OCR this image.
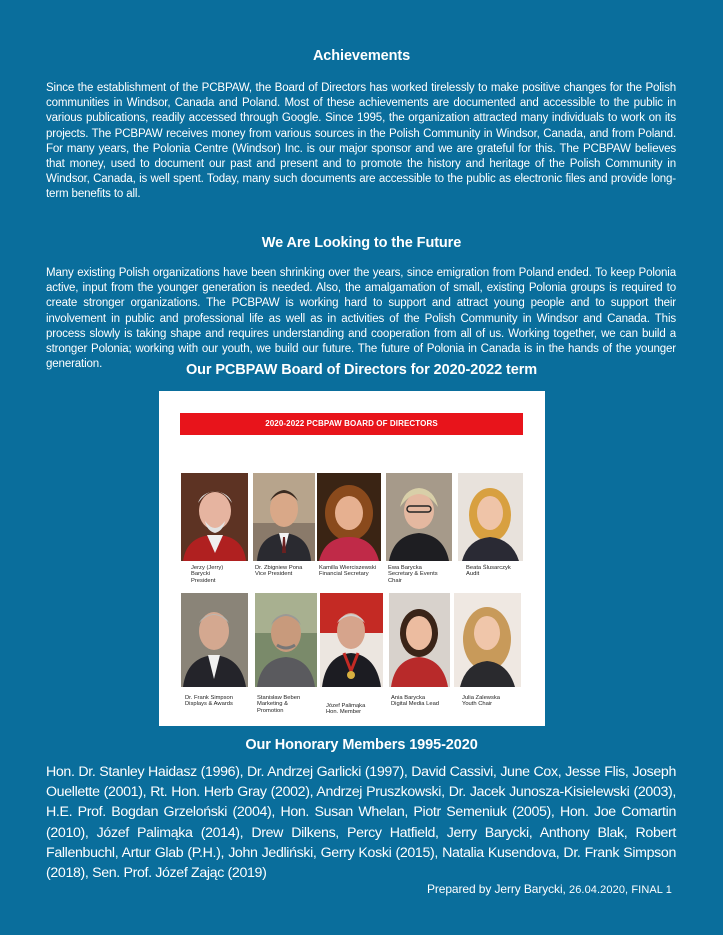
Achievements
Since the establishment of the PCBPAW, the Board of Directors has worked tirelessly to make positive changes for the Polish communities in Windsor, Canada and Poland. Most of these achievements are documented and accessible to the public in various publications, readily accessed through Google. Since 1995, the organization attracted many individuals to work on its projects. The PCBPAW receives money from various sources in the Polish Community in Windsor, Canada, and from Poland. For many years, the Polonia Centre (Windsor) Inc. is our major sponsor and we are grateful for this. The PCBPAW believes that money, used to document our past and present and to promote the history and heritage of the Polish Community in Windsor, Canada, is well spent. Today, many such documents are accessible to the public as electronic files and provide long-term benefits to all.
We Are Looking to the Future
Many existing Polish organizations have been shrinking over the years, since emigration from Poland ended. To keep Polonia active, input from the younger generation is needed. Also, the amalgamation of small, existing Polonia groups is required to create stronger organizations. The PCBPAW is working hard to support and attract young people and to support their involvement in public and professional life as well as in activities of the Polish Community in Windsor and Canada. This process slowly is taking shape and requires understanding and cooperation from all of us. Working together, we can build a stronger Polonia; working with our youth, we build our future. The future of Polonia in Canada is in the hands of the younger generation.	Our PCBPAW Board of Directors for 2020-2022 term
2020-2022 PCBPAW BOARD OF DIRECTORS
Jerzy (Jerry)
Barycki
President
Dr. Zbigniew Pona
Vice President
Kamilla Wierciszewski
Financial Secretary
Ewa Barycka
Secretary & Events
Chair
Beata Ślusarczyk
Audit
Dr. Frank Simpson
Displays & Awards
Stanisław Beben
Marketing &
Promotion
Józef Palimąka
Hon. Member
Ania Barycka
Digital Media Lead
Julia Zalewska
Youth Chair
Our Honorary Members 1995-2020
Hon. Dr. Stanley Haidasz (1996), Dr. Andrzej Garlicki (1997), David Cassivi, June Cox, Jesse Flis, Joseph Ouellette (2001), Rt. Hon. Herb Gray (2002), Andrzej Pruszkowski, Dr. Jacek Junosza-Kisielewski (2003), H.E. Prof. Bogdan Grzeloński (2004), Hon. Susan Whelan, Piotr Semeniuk (2005), Hon. Joe Comartin (2010), Józef Palimąka (2014), Drew Dilkens, Percy Hatfield, Jerry Barycki, Anthony Blak, Robert Fallenbuchl, Artur Glab (P.H.), John Jedliński, Gerry Koski (2015), Natalia Kusendova, Dr. Frank Simpson (2018), Sen. Prof. Józef Zając (2019)
Prepared by Jerry Barycki, 26.04.2020, FINAL 1
